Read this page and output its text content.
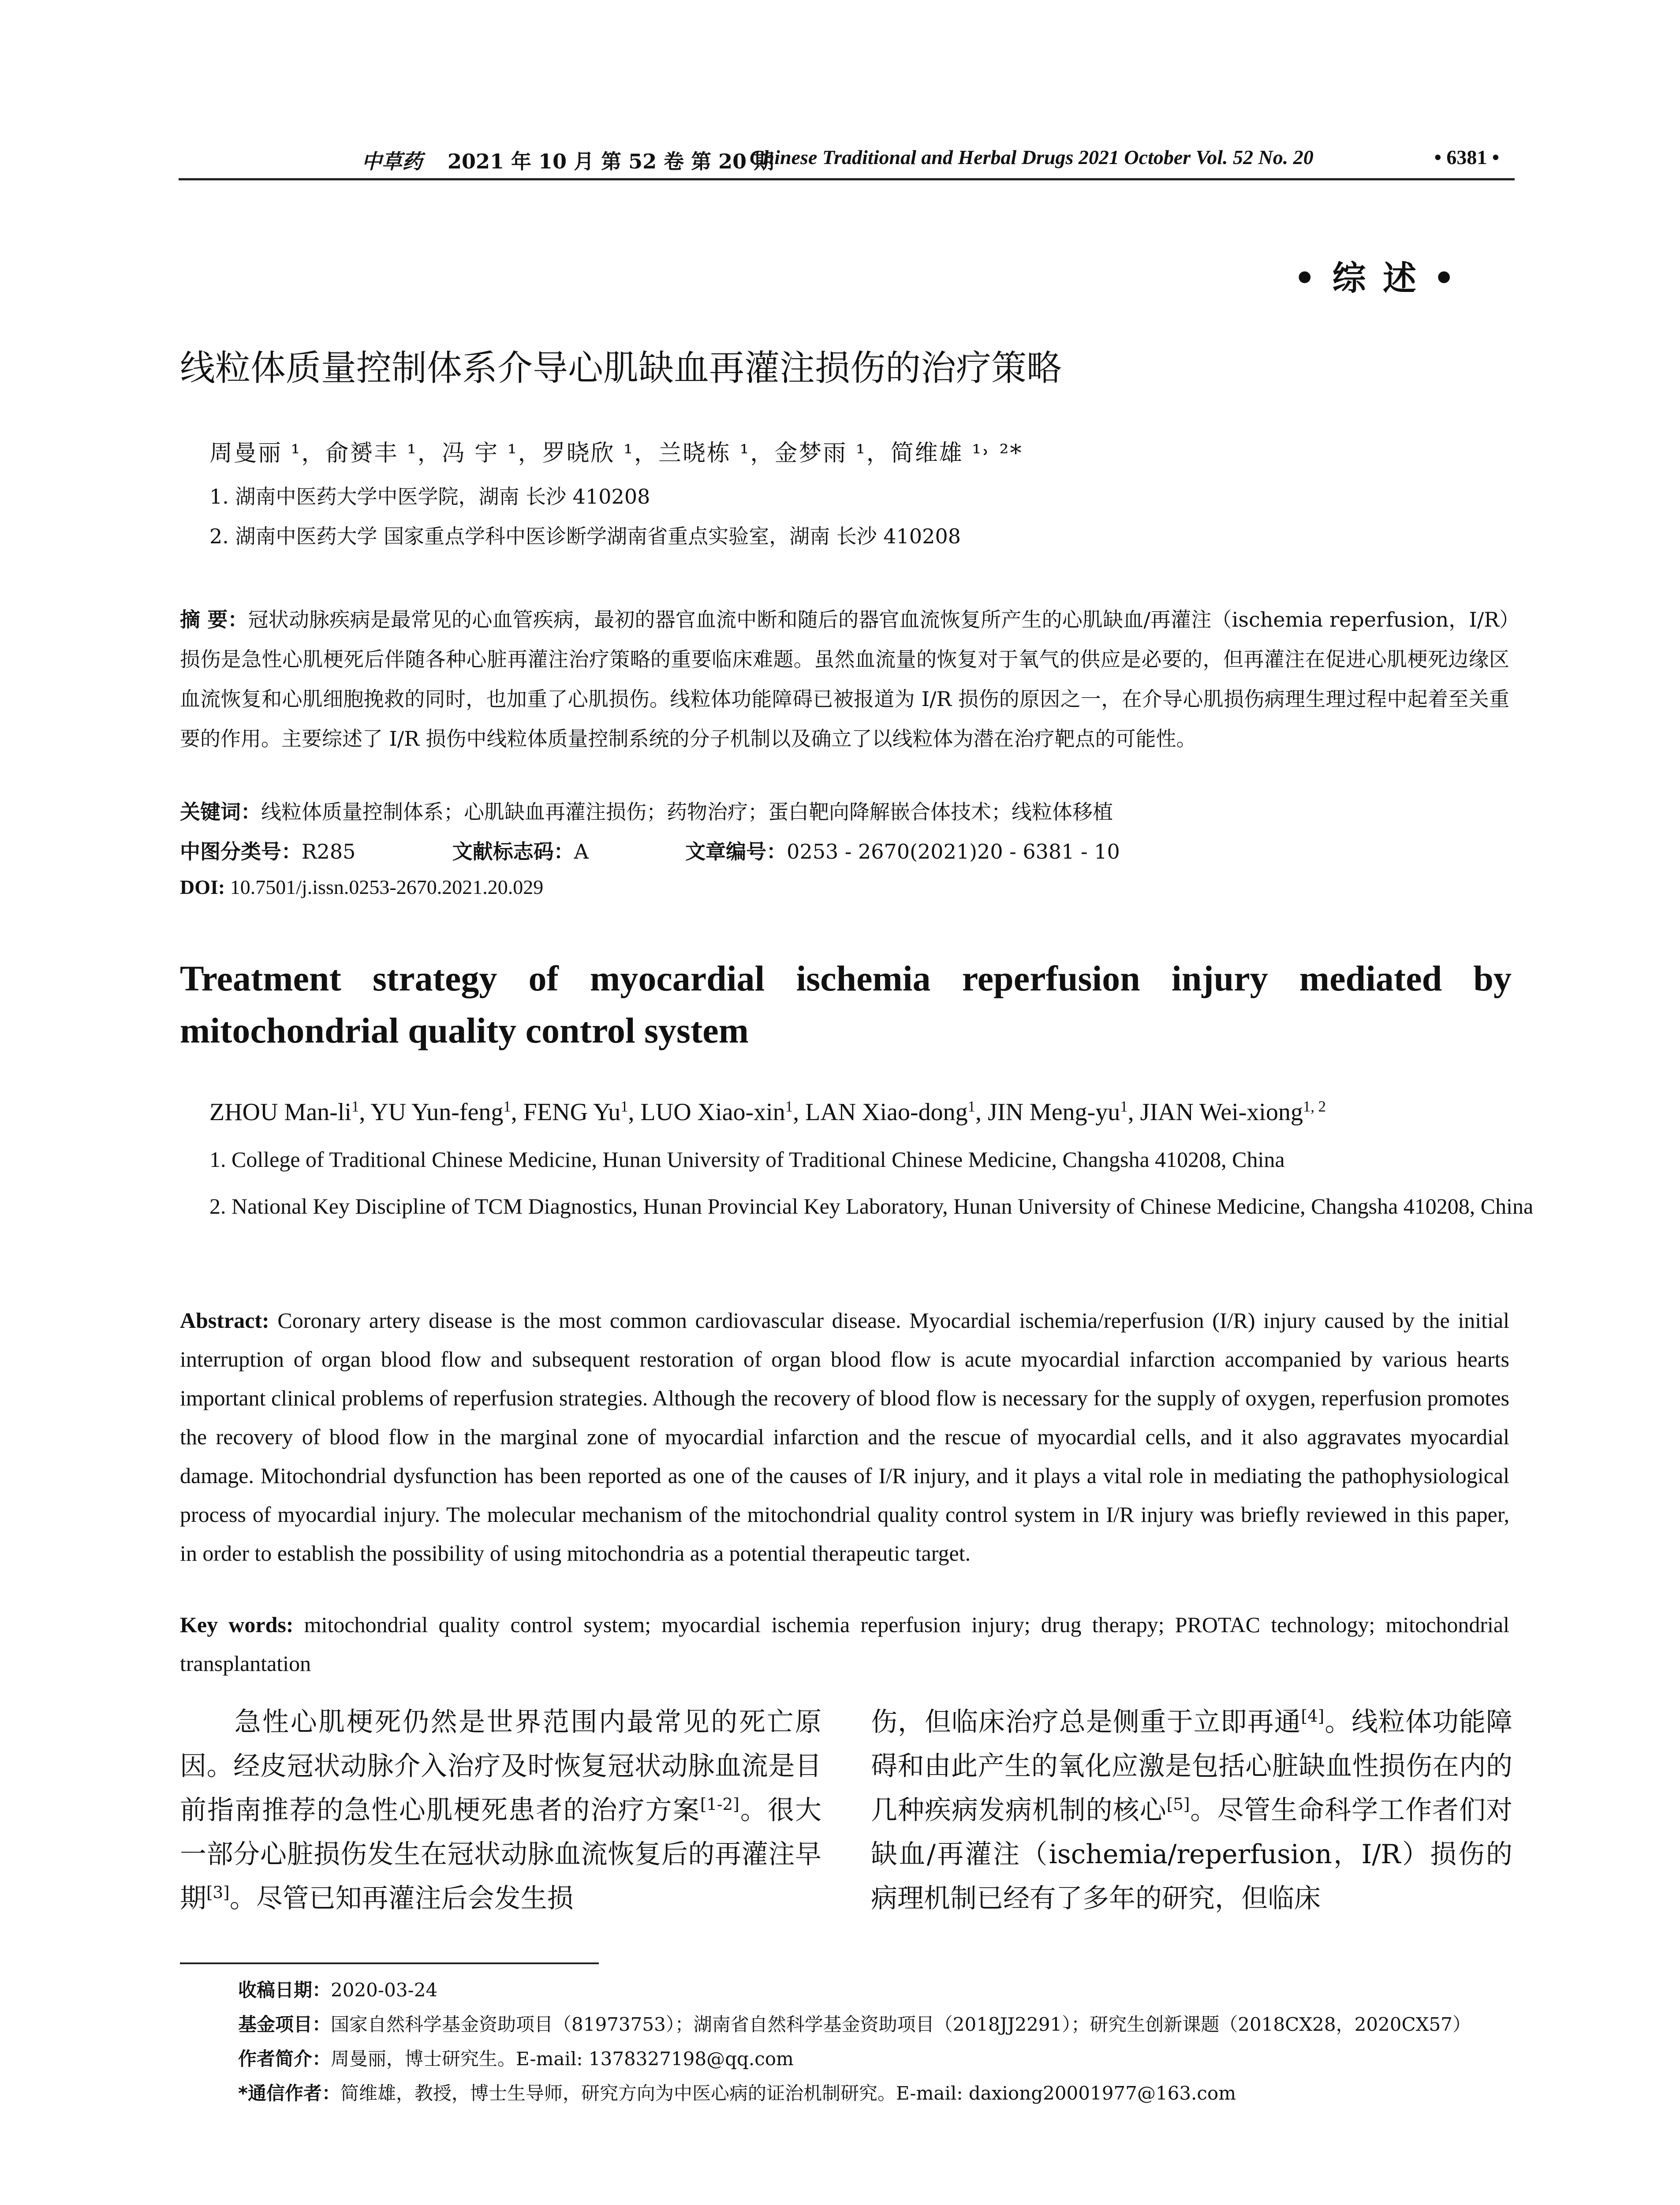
中草药 2021 年 10 月 第 52 卷 第 20 期
Chinese Traditional and Herbal Drugs 2021 October Vol. 52 No. 20	• 6381 •
• 综 述 •
线粒体质量控制体系介导心肌缺血再灌注损伤的治疗策略
周曼丽 ¹，俞赟丰 ¹，冯 宇 ¹，罗晓欣 ¹，兰晓栋 ¹，金梦雨 ¹，简维雄 ¹˒ ²*
1. 湖南中医药大学中医学院，湖南 长沙 410208
2. 湖南中医药大学 国家重点学科中医诊断学湖南省重点实验室，湖南 长沙 410208
摘 要：冠状动脉疾病是最常见的心血管疾病，最初的器官血流中断和随后的器官血流恢复所产生的心肌缺血/再灌注（ischemia reperfusion，I/R）损伤是急性心肌梗死后伴随各种心脏再灌注治疗策略的重要临床难题。虽然血流量的恢复对于氧气的供应是必要的，但再灌注在促进心肌梗死边缘区血流恢复和心肌细胞挽救的同时，也加重了心肌损伤。线粒体功能障碍已被报道为 I/R 损伤的原因之一，在介导心肌损伤病理生理过程中起着至关重要的作用。主要综述了 I/R 损伤中线粒体质量控制系统的分子机制以及确立了以线粒体为潜在治疗靶点的可能性。
关键词：线粒体质量控制体系；心肌缺血再灌注损伤；药物治疗；蛋白靶向降解嵌合体技术；线粒体移植
中图分类号：R285	文献标志码：A	文章编号：0253 - 2670(2021)20 - 6381 - 10
DOI: 10.7501/j.issn.0253-2670.2021.20.029
Treatment strategy of myocardial ischemia reperfusion injury mediated by mitochondrial quality control system
ZHOU Man-$li^1$, YU Yun-feng$^1$, FENG Yu$^1$, LUO Xiao-xin$^1$, LAN Xiao-dong$^1$, JIN Meng-$yu^1$, JIAN Wei-xiong$^{1, 2}$
1. College of Traditional Chinese Medicine, Hunan University of Traditional Chinese Medicine, Changsha 410208, China
2. National Key Discipline of TCM Diagnostics, Hunan Provincial Key Laboratory, Hunan University of Chinese Medicine, Changsha 410208, China
Abstract: Coronary artery disease is the most common cardiovascular disease. Myocardial ischemia/reperfusion (I/R) injury caused by the initial interruption of organ blood flow and subsequent restoration of organ blood flow is acute myocardial infarction accompanied by various hearts important clinical problems of reperfusion strategies. Although the recovery of blood flow is necessary for the supply of oxygen, reperfusion promotes the recovery of blood flow in the marginal zone of myocardial infarction and the rescue of myocardial cells, and it also aggravates myocardial damage. Mitochondrial dysfunction has been reported as one of the causes of I/R injury, and it plays a vital role in mediating the pathophysiological process of myocardial injury. The molecular mechanism of the mitochondrial quality control system in I/R injury was briefly reviewed in this paper, in order to establish the possibility of using mitochondria as a potential therapeutic target.
Key words: mitochondrial quality control system; myocardial ischemia reperfusion injury; drug therapy; PROTAC technology; mitochondrial transplantation
急性心肌梗死仍然是世界范围内最常见的死亡原因。经皮冠状动脉介入治疗及时恢复冠状动脉血流是目前指南推荐的急性心肌梗死患者的治疗方案[1-2]。很大一部分心脏损伤发生在冠状动脉血流恢复后的再灌注早期[3]。尽管已知再灌注后会发生损
伤，但临床治疗总是侧重于立即再通[4]。线粒体功能障碍和由此产生的氧化应激是包括心脏缺血性损伤在内的几种疾病发病机制的核心[5]。尽管生命科学工作者们对缺血/再灌注（ischemia/reperfusion，I/R）损伤的病理机制已经有了多年的研究，但临床
收稿日期：2020-03-24
基金项目：国家自然科学基金资助项目（81973753）；湖南省自然科学基金资助项目（2018JJ2291）；研究生创新课题（2018CX28，2020CX57）
作者简介：周曼丽，博士研究生。E-mail: 1378327198@qq.com
*通信作者：简维雄，教授，博士生导师，研究方向为中医心病的证治机制研究。E-mail: daxiong20001977@163.com
